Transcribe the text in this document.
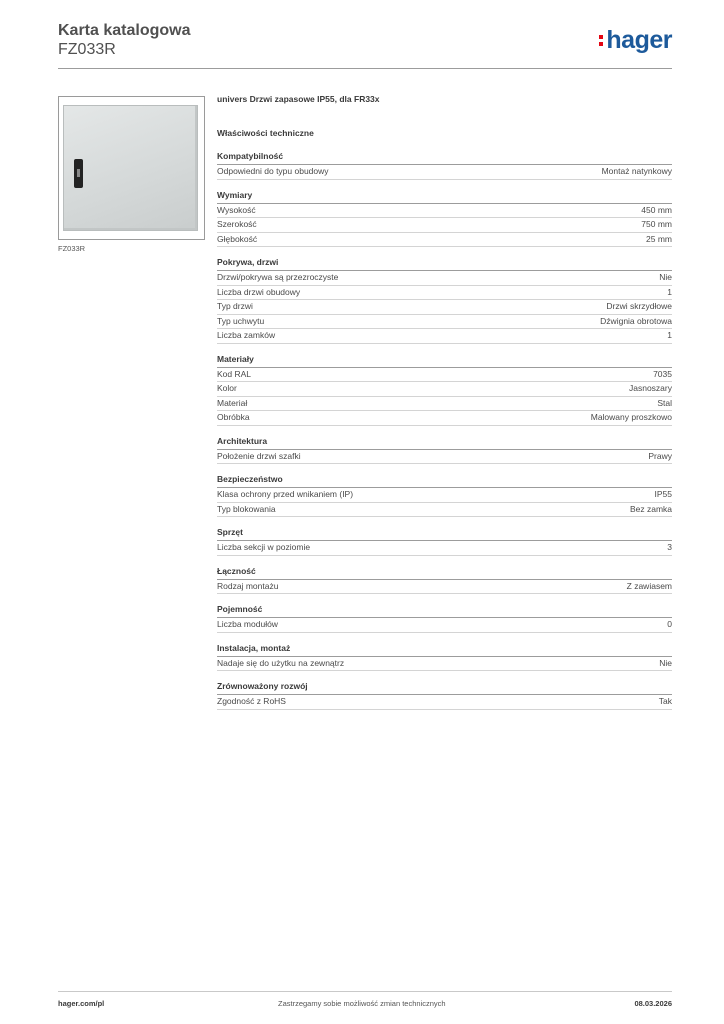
Karta katalogowa
FZ033R	hager
FZ033R
univers Drzwi zapasowe IP55, dla FR33x
Właściwości techniczne
Kompatybilność
Odpowiedni do typu obudowy	Montaż natynkowy
Wymiary
Wysokość	450 mm
Szerokość	750 mm
Głębokość	25 mm
Pokrywa, drzwi
Drzwi/pokrywa są przezroczyste	Nie
Liczba drzwi obudowy	1
Typ drzwi	Drzwi skrzydłowe
Typ uchwytu	Dźwignia obrotowa
Liczba zamków	1
Materiały
Kod RAL	7035
Kolor	Jasnoszary
Materiał	Stal
Obróbka	Malowany proszkowo
Architektura
Położenie drzwi szafki	Prawy
Bezpieczeństwo
Klasa ochrony przed wnikaniem (IP)	IP55
Typ blokowania	Bez zamka
Sprzęt
Liczba sekcji w poziomie	3
Łączność
Rodzaj montażu	Z zawiasem
Pojemność
Liczba modułów	0
Instalacja, montaż
Nadaje się do użytku na zewnątrz	Nie
Zrównoważony rozwój
Zgodność z RoHS	Tak
hager.com/pl	Zastrzegamy sobie możliwość zmian technicznych	08.03.2026
